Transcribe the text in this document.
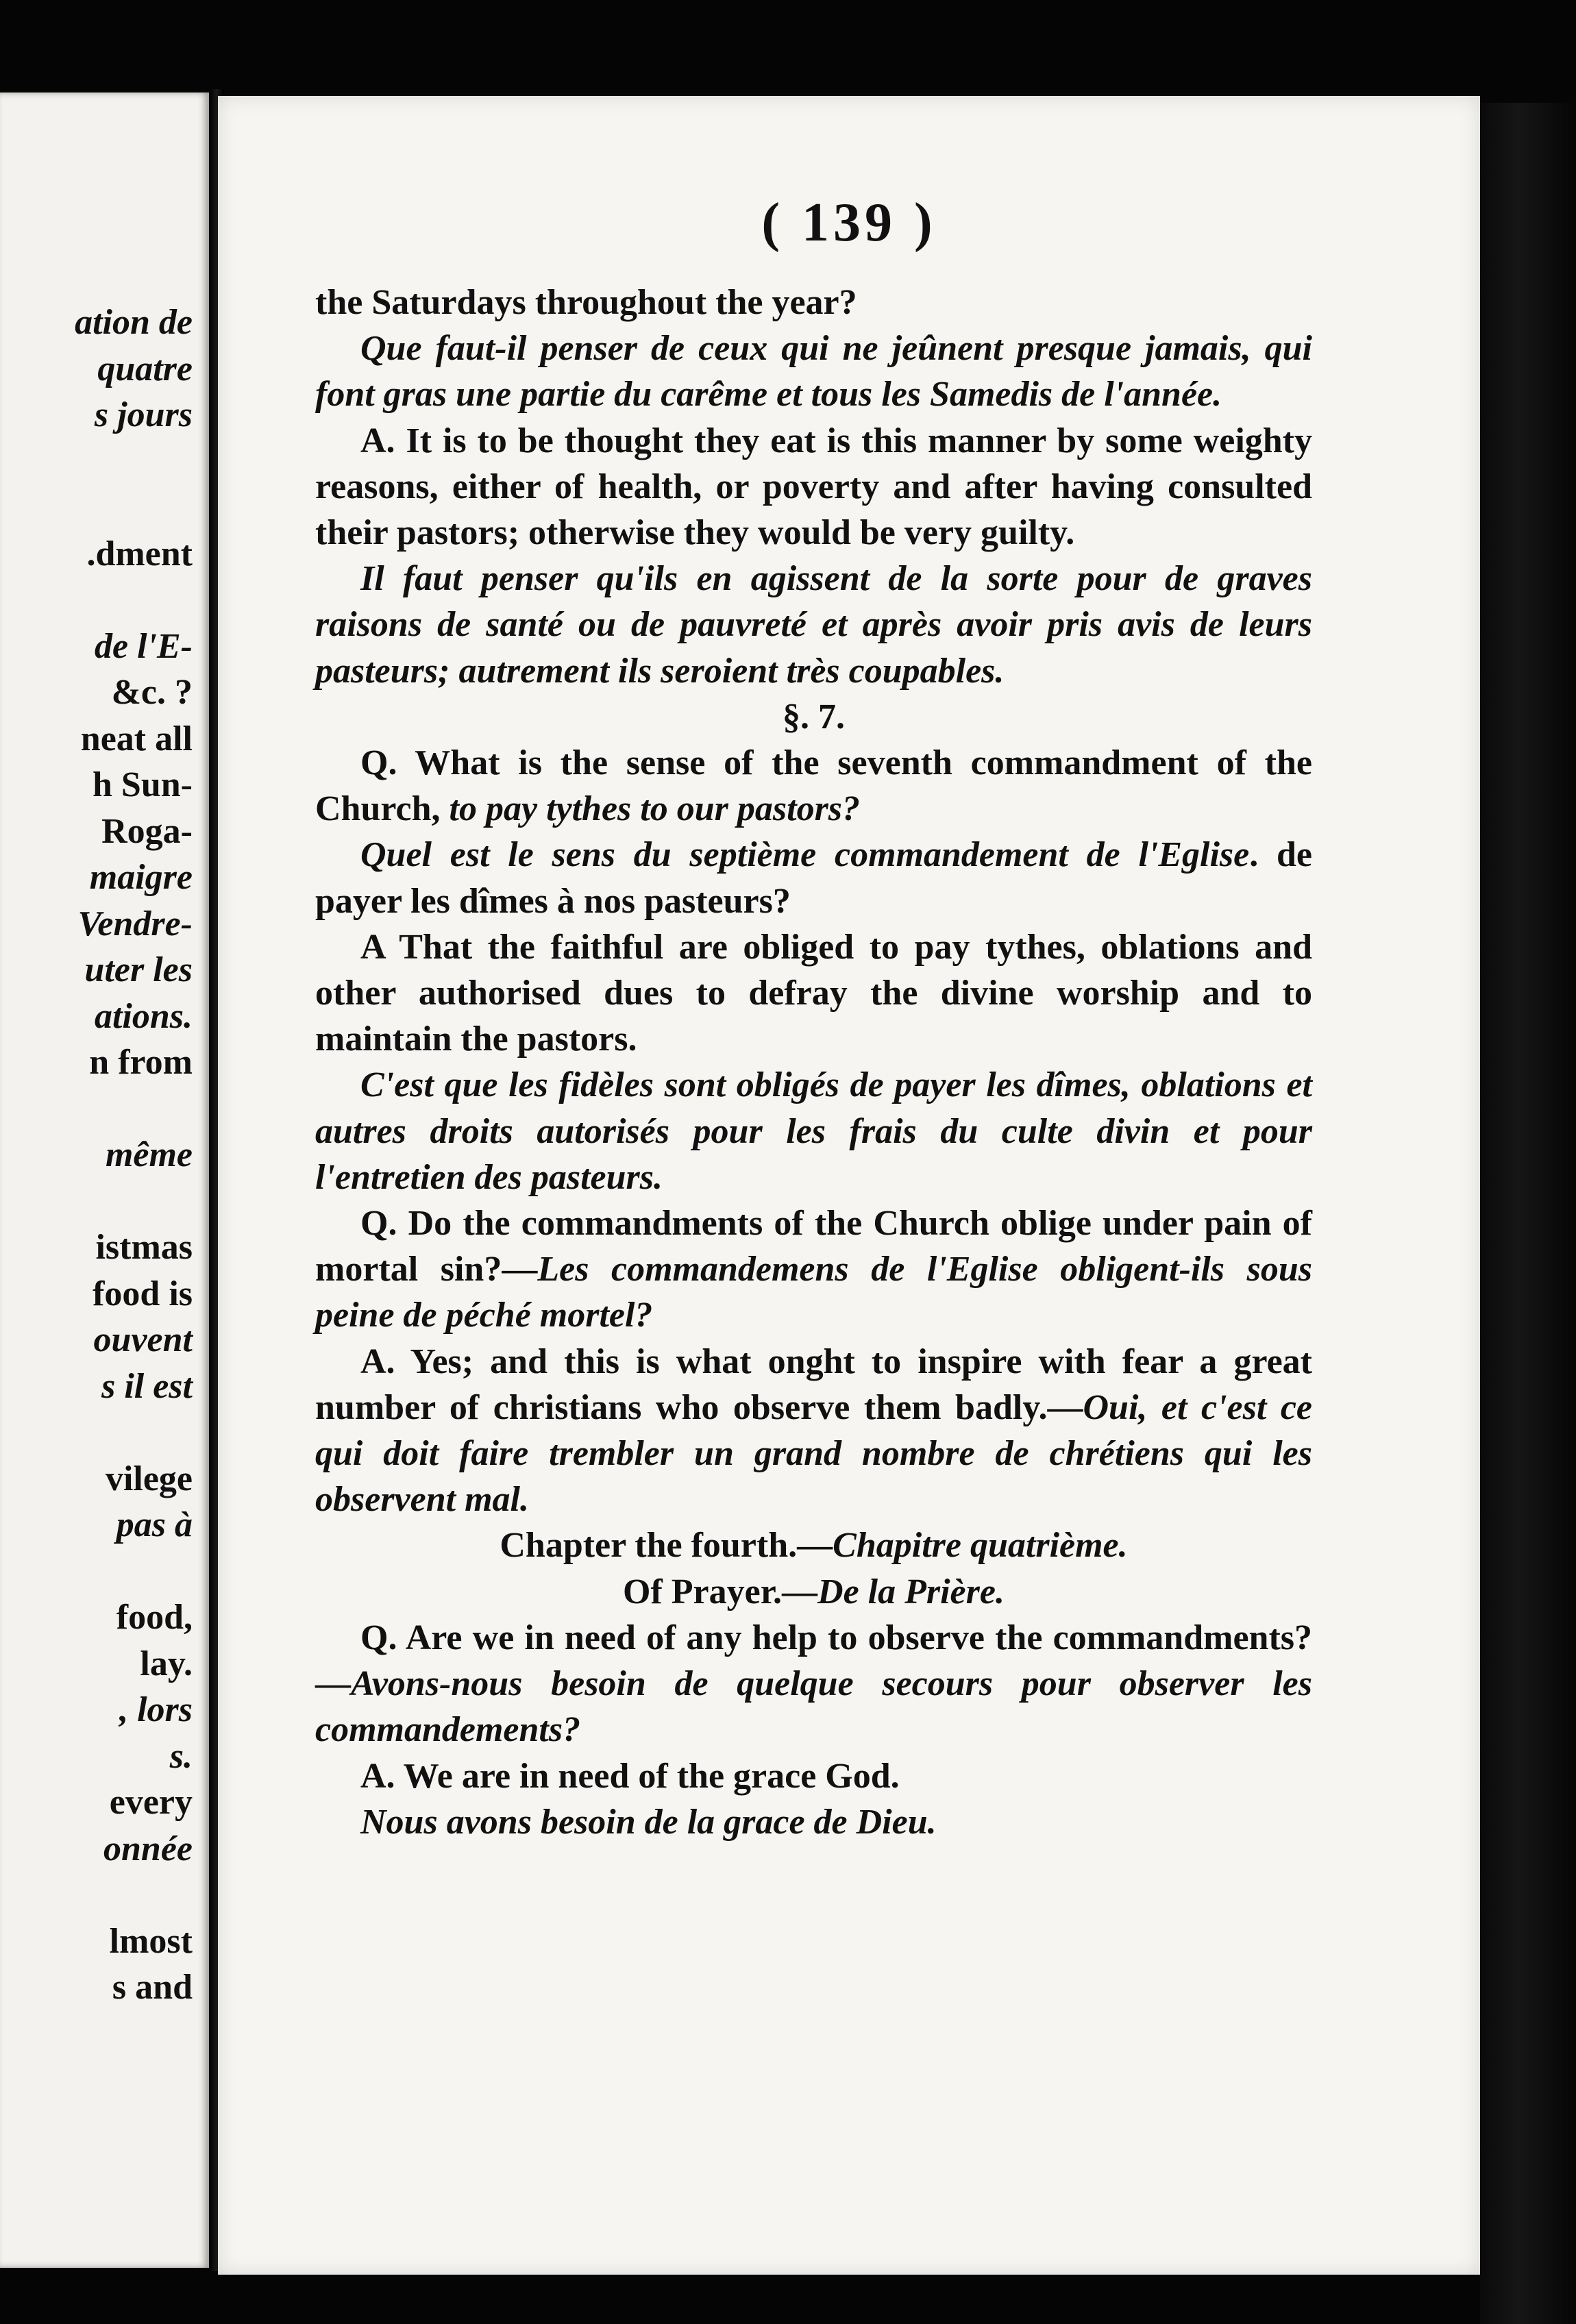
ation de
quatre
s jours
.dment
de l'E-
&c. ?
neat all
h Sun-
Roga-
maigre
Vendre-
uter les
ations.
n from
même
istmas
food is
ouvent
s il est
vilege
pas à
food,
lay.
, lors
s.
every
onnée
lmost
s and
( 139 )

the Saturdays throughout the year?

Que faut-il penser de ceux qui ne jeûnent presque jamais, qui font gras une partie du carême et tous les Samedis de l'année.

A. It is to be thought they eat is this manner by some weighty reasons, either of health, or poverty and after having consulted their pastors; otherwise they would be very guilty.

Il faut penser qu'ils en agissent de la sorte pour de graves raisons de santé ou de pauvreté et après avoir pris avis de leurs pasteurs; autrement ils seroient très coupables.

§. 7.

Q. What is the sense of the seventh commandment of the Church, to pay tythes to our pastors?

Quel est le sens du septième commandement de l'Eglise. de payer les dîmes à nos pasteurs?

A That the faithful are obliged to pay tythes, oblations and other authorised dues to defray the divine worship and to maintain the pastors.

C'est que les fidèles sont obligés de payer les dîmes, oblations et autres droits autorisés pour les frais du culte divin et pour l'entretien des pasteurs.

Q. Do the commandments of the Church oblige under pain of mortal sin?—Les commandemens de l'Eglise obligent-ils sous peine de péché mortel?

A. Yes; and this is what onght to inspire with fear a great number of christians who observe them badly.—Oui, et c'est ce qui doit faire trembler un grand nombre de chrétiens qui les observent mal.

Chapter the fourth.—Chapitre quatrième.

Of Prayer.—De la Prière.

Q. Are we in need of any help to observe the commandments?—Avons-nous besoin de quelque secours pour observer les commandements?

A. We are in need of the grace God.

Nous avons besoin de la grace de Dieu.
